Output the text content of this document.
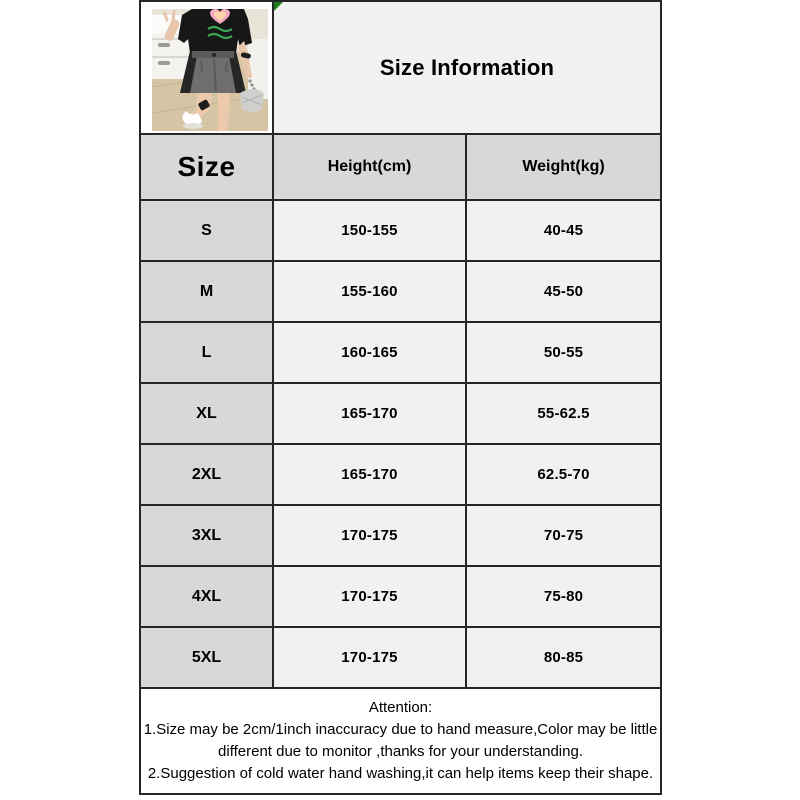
Size Information	
Size	Height(cm)	Weight(kg)
S	150-155	40-45
M	155-160	45-50
L	160-165	50-55
XL	165-170	55-62.5
2XL	165-170	62.5-70
3XL	170-175	70-75
4XL	170-175	75-80
5XL	170-175	80-85

Attention:
1.Size may be 2cm/1inch inaccuracy due to hand measure,Color may be little different due to monitor ,thanks for your understanding.
2.Suggestion of cold water hand washing,it can help items keep their shape.		
